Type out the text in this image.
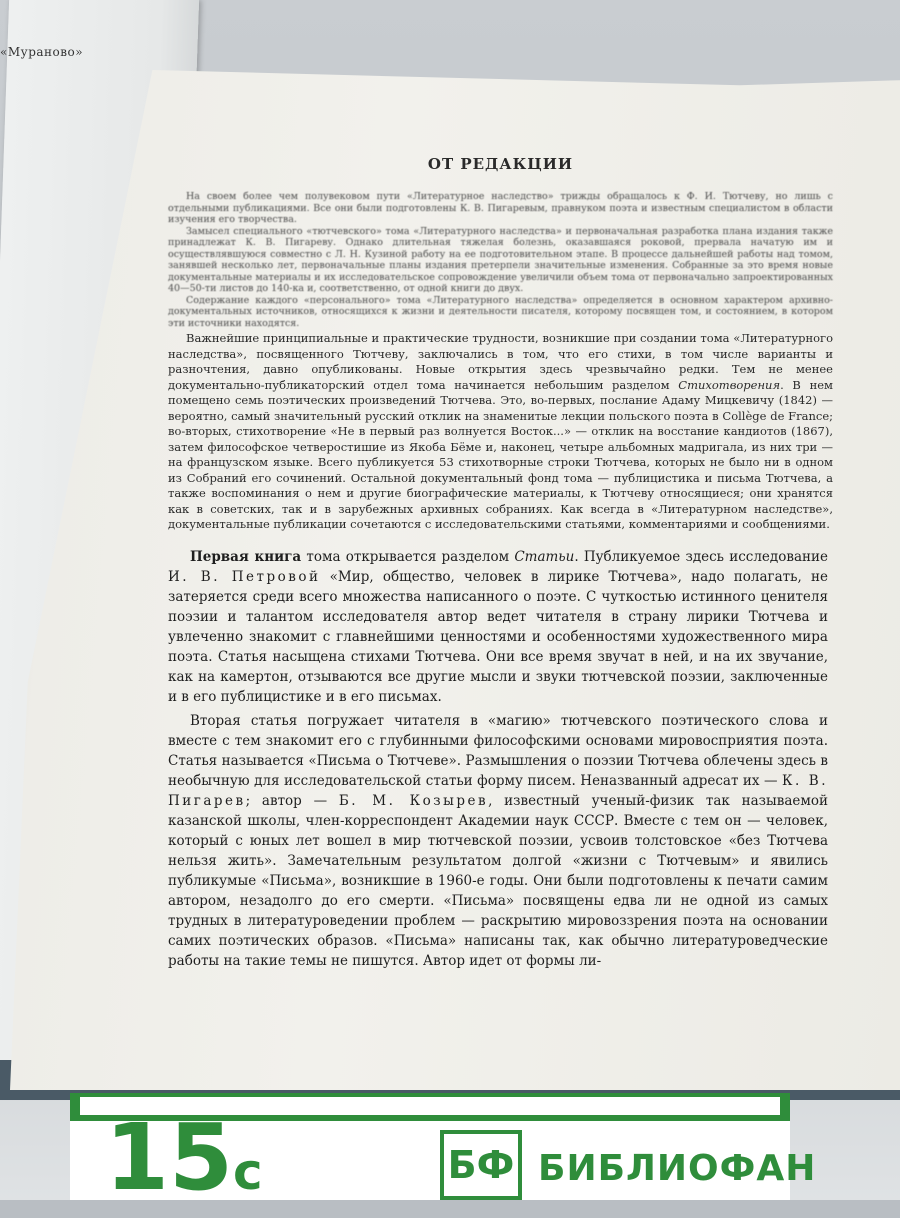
«Мураново»
ОТ РЕДАКЦИИ

На своем более чем полувековом пути «Литературное наследство» трижды обращалось к Ф. И. Тютчеву, но лишь с отдельными публикациями. Все они были подготовлены К. В. Пигаревым, правнуком поэта и известным специалистом в области изучения его творчества.

Замысел специального «тютчевского» тома «Литературного наследства» и первоначальная разработка плана издания также принадлежат К. В. Пигареву. Однако длительная тяжелая болезнь, оказавшаяся роковой, прервала начатую им и осуществлявшуюся совместно с Л. Н. Кузиной работу на ее подготовительном этапе. В процессе дальнейшей работы над томом, занявшей несколько лет, первоначальные планы издания претерпели значительные изменения. Собранные за это время новые документальные материалы и их исследовательское сопровождение увеличили объем тома от первоначально запроектированных 40—50-ти листов до 140-ка и, соответственно, от одной книги до двух.

Содержание каждого «персонального» тома «Литературного наследства» определяется в основном характером архивно-документальных источников, относящихся к жизни и деятельности писателя, которому посвящен том, и состоянием, в котором эти источники находятся.

Важнейшие принципиальные и практические трудности, возникшие при создании тома «Литературного наследства», посвященного Тютчеву, заключались в том, что его стихи, в том числе варианты и разночтения, давно опубликованы. Новые открытия здесь чрезвычайно редки. Тем не менее документально-публикаторский отдел тома начинается небольшим разделом Стихотворения. В нем помещено семь поэтических произведений Тютчева. Это, во-первых, послание Адаму Мицкевичу (1842) — вероятно, самый значительный русский отклик на знаменитые лекции польского поэта в Collège de France; во-вторых, стихотворение «Не в первый раз волнуется Восток...» — отклик на восстание кандиотов (1867), затем философское четверостишие из Якоба Бёме и, наконец, четыре альбомных мадригала, из них три — на французском языке. Всего публикуется 53 стихотворные строки Тютчева, которых не было ни в одном из Собраний его сочинений. Остальной документальный фонд тома — публицистика и письма Тютчева, а также воспоминания о нем и другие биографические материалы, к Тютчеву относящиеся; они хранятся как в советских, так и в зарубежных архивных собраниях. Как всегда в «Литературном наследстве», документальные публикации сочетаются с исследовательскими статьями, комментариями и сообщениями.

Первая книга тома открывается разделом Статьи. Публикуемое здесь исследование И. В. Петровой «Мир, общество, человек в лирике Тютчева», надо полагать, не затеряется среди всего множества написанного о поэте. С чуткостью истинного ценителя поэзии и талантом исследователя автор ведет читателя в страну лирики Тютчева и увлеченно знакомит с главнейшими ценностями и особенностями художественного мира поэта. Статья насыщена стихами Тютчева. Они все время звучат в ней, и на их звучание, как на камертон, отзываются все другие мысли и звуки тютчевской поэзии, заключенные и в его публицистике и в его письмах.

Вторая статья погружает читателя в «магию» тютчевского поэтического слова и вместе с тем знакомит его с глубинными философскими основами мировосприятия поэта. Статья называется «Письма о Тютчеве». Размышления о поэзии Тютчева облечены здесь в необычную для исследовательской статьи форму писем. Неназванный адресат их — К. В. Пигарев; автор — Б. М. Козырев, известный ученый-физик так называемой казанской школы, член-корреспондент Академии наук СССР. Вместе с тем он — человек, который с юных лет вошел в мир тютчевской поэзии, усвоив толстовское «без Тютчева нельзя жить». Замечательным результатом долгой «жизни с Тютчевым» и явились публикумые «Письма», возникшие в 1960-е годы. Они были подготовлены к печати самим автором, незадолго до его смерти. «Письма» посвящены едва ли не одной из самых трудных в литературоведении проблем — раскрытию мировоззрения поэта на основании самих поэтических образов. «Письма» написаны так, как обычно литературоведческие работы на такие темы не пишутся. Автор идет от формы ли-

15с	БФ БИБЛИОФАН
